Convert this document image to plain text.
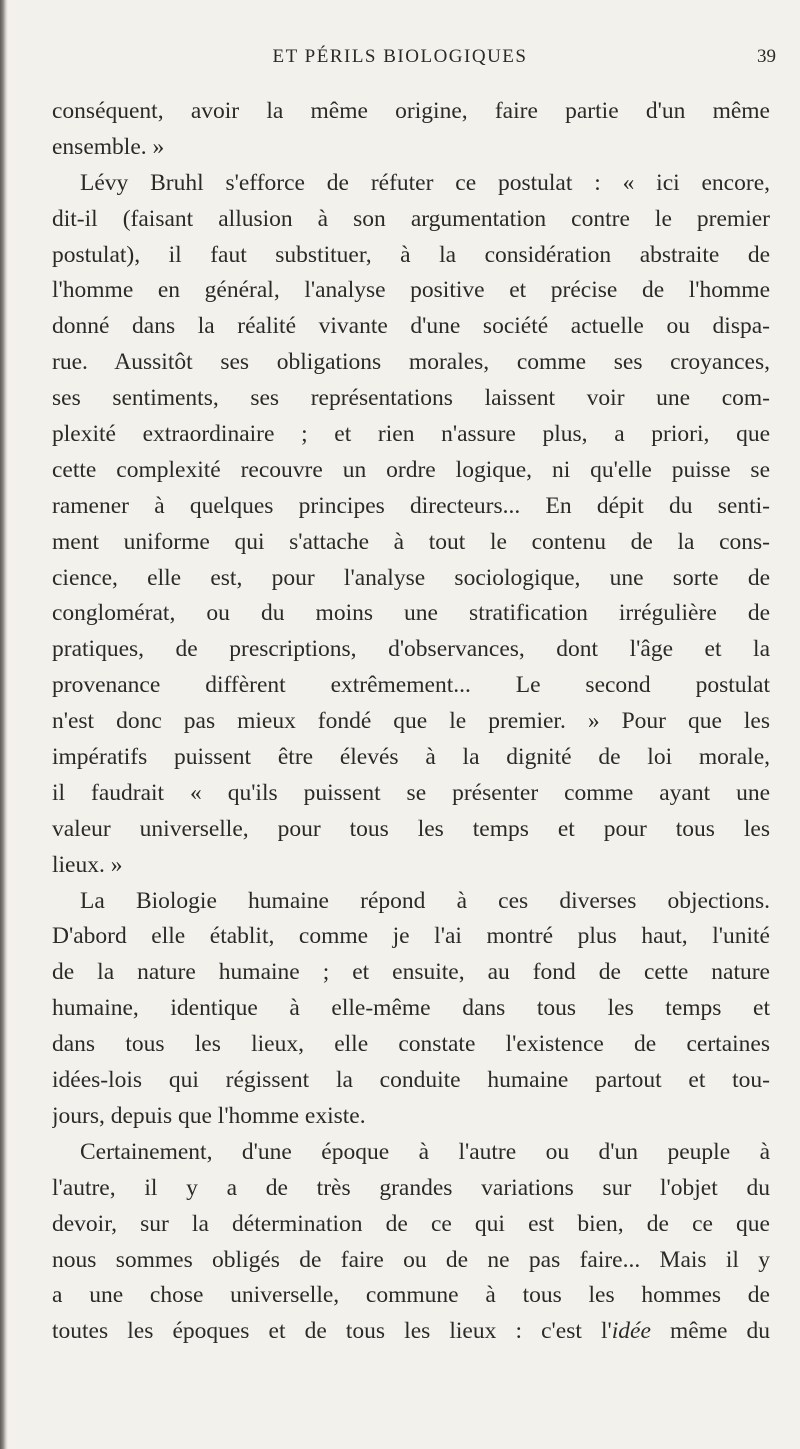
ET PÉRILS BIOLOGIQUES	39
conséquent, avoir la même origine, faire partie d'un même
ensemble. »
Lévy Bruhl s'efforce de réfuter ce postulat : « ici encore,
dit-il (faisant allusion à son argumentation contre le premier
postulat), il faut substituer, à la considération abstraite de
l'homme en général, l'analyse positive et précise de l'homme
donné dans la réalité vivante d'une société actuelle ou dispa-
rue. Aussitôt ses obligations morales, comme ses croyances,
ses sentiments, ses représentations laissent voir une com-
plexité extraordinaire ; et rien n'assure plus, a priori, que
cette complexité recouvre un ordre logique, ni qu'elle puisse se
ramener à quelques principes directeurs... En dépit du senti-
ment uniforme qui s'attache à tout le contenu de la cons-
cience, elle est, pour l'analyse sociologique, une sorte de
conglomérat, ou du moins une stratification irrégulière de
pratiques, de prescriptions, d'observances, dont l'âge et la
provenance diffèrent extrêmement... Le second postulat
n'est donc pas mieux fondé que le premier. » Pour que les
impératifs puissent être élevés à la dignité de loi morale,
il faudrait « qu'ils puissent se présenter comme ayant une
valeur universelle, pour tous les temps et pour tous les
lieux. »
La Biologie humaine répond à ces diverses objections.
D'abord elle établit, comme je l'ai montré plus haut, l'unité
de la nature humaine ; et ensuite, au fond de cette nature
humaine, identique à elle-même dans tous les temps et
dans tous les lieux, elle constate l'existence de certaines
idées-lois qui régissent la conduite humaine partout et tou-
jours, depuis que l'homme existe.
Certainement, d'une époque à l'autre ou d'un peuple à
l'autre, il y a de très grandes variations sur l'objet du
devoir, sur la détermination de ce qui est bien, de ce que
nous sommes obligés de faire ou de ne pas faire... Mais il y
a une chose universelle, commune à tous les hommes de
toutes les époques et de tous les lieux : c'est l'idée même du
